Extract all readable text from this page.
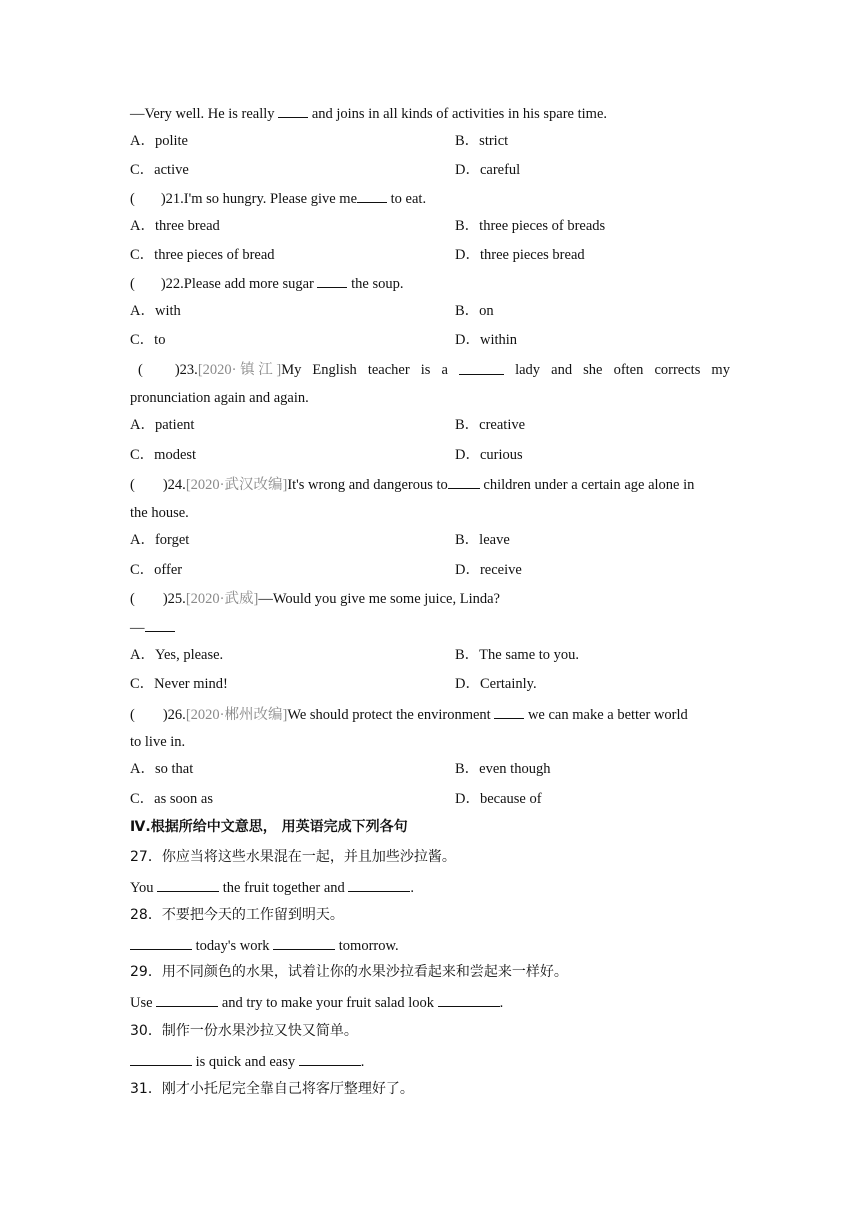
—Very well. He is really  and joins in all kinds of activities in his spare time.
A．polite	B．strict
C．active	D．careful
( )21.I'm so hungry. Please give me to eat.
A．three bread	B．three pieces of breads
C．three pieces of bread	D．three pieces bread
( )22.Please add more sugar  the soup.
A．with	B．on
C．to	D．within
( )23.[2020· 镇 江 ]My English teacher is a	lady and she often corrects my
pronunciation again and again.
A．patient	B．creative
C．modest	D．curious
( )24.[2020·武汉改编]It's wrong and dangerous to children under a certain age alone in
the house.
A．forget	B．leave
C．offer	D．receive
( )25.[2020·武威]—Would you give me some juice, Linda?
—
A．Yes, please.	B．The same to you.
C．Never mind!	D．Certainly.
( )26.[2020·郴州改编]We should protect the environment  we can make a better world
to live in.
A．so that	B．even though
C．as soon as	D．because of
Ⅳ.根据所给中文意思， 用英语完成下列各句
27．你应当将这些水果混在一起，并且加些沙拉酱。
You	the fruit together and	.
28．不要把今天的工作留到明天。
today's work	tomorrow.
29．用不同颜色的水果，试着让你的水果沙拉看起来和尝起来一样好。
Use	and try to make your fruit salad look	.
30．制作一份水果沙拉又快又简单。
is quick and easy	.
31．刚才小托尼完全靠自己将客厅整理好了。
